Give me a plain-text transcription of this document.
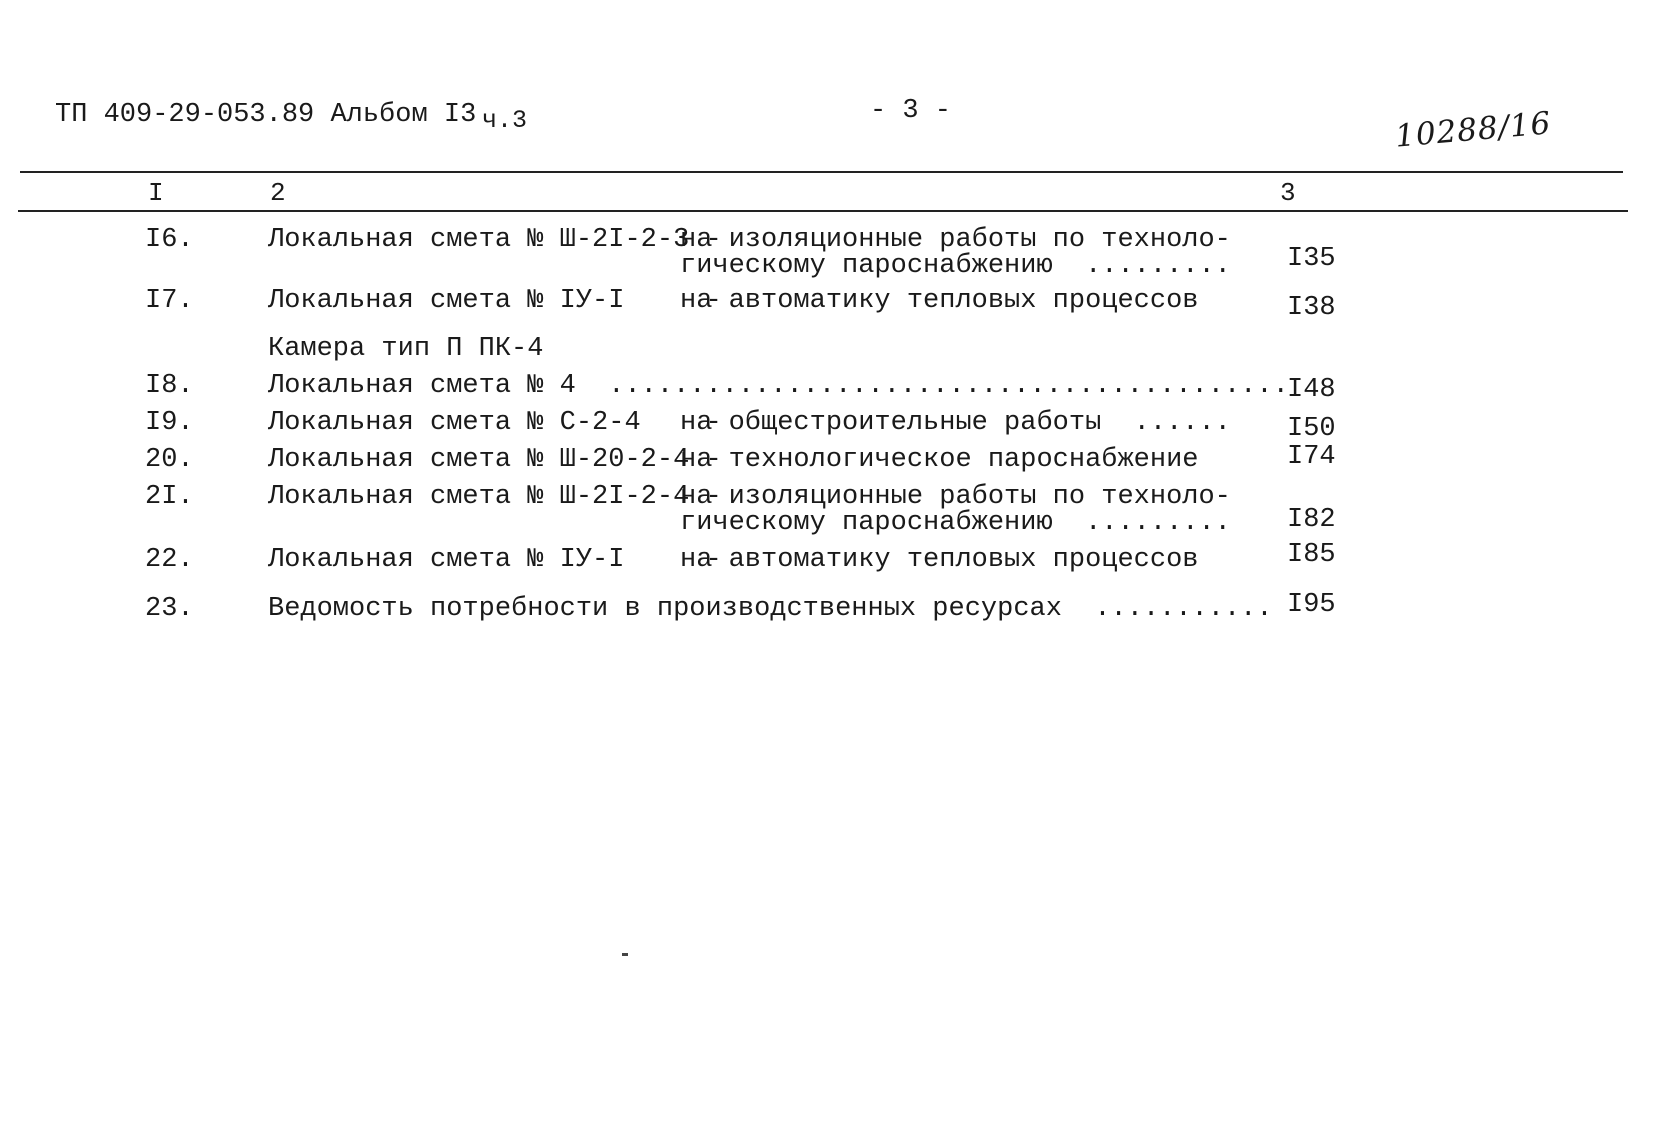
ТП 409-29-053.89 Альбом I3 ч.3	- 3 -	10288/16
I	2	3
I6.	Локальная смета № Ш-2I-2-3 -
на изоляционные работы по техноло-
гическому пароснабжению  ......... I35
I7.	Локальная смета № IУ-I     -
на автоматику тепловых процессов	I38
Камера тип П ПК-4
I8.	Локальная смета № 4  ..........................................
I48
I9.	Локальная смета № С-2-4    -
на общестроительные работы  ...... I50
20.	Локальная смета № Ш-20-2-4 -
на технологическое пароснабжение	I74
2I.	Локальная смета № Ш-2I-2-4 -
на изоляционные работы по техноло-
гическому пароснабжению  ......... I82
22.	Локальная смета № IУ-I     -
на автоматику тепловых процессов	I85
23.	Ведомость потребности в производственных ресурсах  ........... I95
